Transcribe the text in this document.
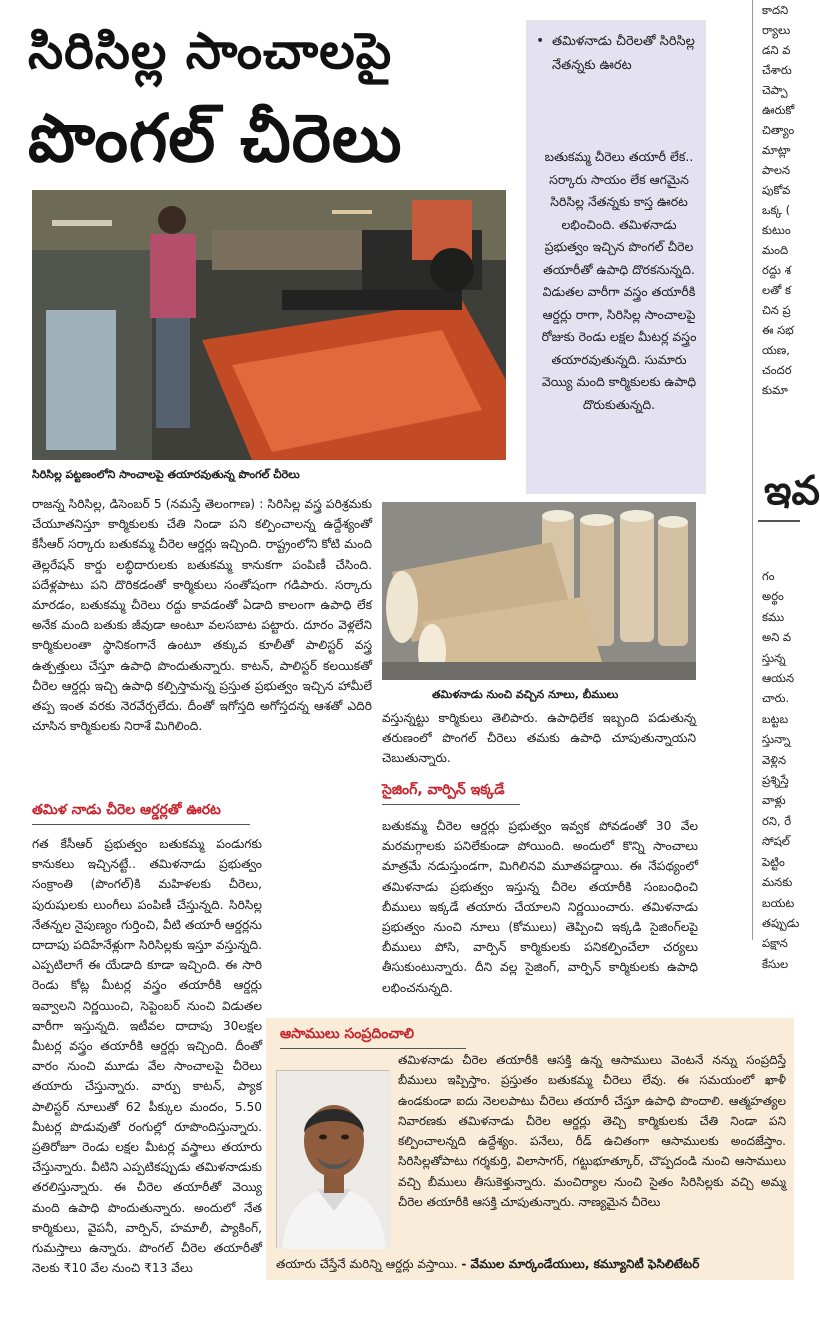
సిరిసిల్ల సాంచాలపై
పొంగల్ చీరెలు
• తమిళనాడు చీరెలతో సిరిసిల్ల నేతన్నకు ఊరట
బతుకమ్మ చీరెలు తయారీ లేక.. సర్కారు సాయం లేక ఆగమైన సిరిసిల్ల నేతన్నకు కాస్త ఊరట లభించింది. తమిళనాడు ప్రభుత్వం ఇచ్చిన పొంగల్ చీరెల తయారీతో ఉపాధి దొరకనున్నది. విడుతల వారీగా వస్త్రం తయారీకి ఆర్డర్లు రాగా, సిరిసిల్ల సాంచాలపై రోజుకు రెండు లక్షల మీటర్ల వస్త్రం తయారవుతున్నది. సుమారు వెయ్యి మంది కార్మికులకు ఉపాధి దొరుకుతున్నది.
సిరిసిల్ల పట్టణంలోని సాంచాలపై తయారవుతున్న పొంగల్ చీరెలు
తమిళనాడు నుంచి వచ్చిన నూలు, బీములు
రాజన్న సిరిసిల్ల, డిసెంబర్ 5 (నమస్తే తెలంగాణ) : సిరిసిల్ల వస్త్ర పరిశ్రమకు చేయూతనిస్తూ కార్మికులకు చేతి నిండా పని కల్పించాలన్న ఉద్దేశ్యంతో కేసీఆర్ సర్కారు బతుకమ్మ చీరెల ఆర్డర్లు ఇచ్చింది. రాష్ట్రంలోని కోటి మంది తెల్లరేషన్ కార్డు లబ్ధిదారులకు బతుకమ్మ కానుకగా పంపిణీ చేసింది. పదేళ్లపాటు పని దొరికడంతో కార్మికులు సంతోషంగా గడిపారు. సర్కారు మారడం, బతుకమ్మ చీరెలు రద్దు కావడంతో ఏడాది కాలంగా ఉపాధి లేక అనేక మంది బతుకు జీవుడా అంటూ వలసబాట పట్టారు. దూరం వెళ్లలేని కార్మికులంతా స్థానికంగానే ఉంటూ తక్కువ కూలీతో పాలిస్టర్ వస్త్ర ఉత్పత్తులు చేస్తూ ఉపాధి పొందుతున్నారు. కాటన్, పాలిస్టర్ కలయికతో చీరెల ఆర్డర్లు ఇచ్చి ఉపాధి కల్పిస్తామన్న ప్రస్తుత ప్రభుత్వం ఇచ్చిన హామీలే తప్ప ఇంత వరకు నెరవేర్చలేదు. దీంతో ఇగోస్తది అగోస్తదన్న ఆశతో ఎదిరి చూసిన కార్మికులకు నిరాశే మిగిలింది.
తమిళ నాడు చీరెల ఆర్డర్లతో ఊరట
గత కేసీఆర్ ప్రభుత్వం బతుకమ్మ పండుగకు కానుకలు ఇచ్చినట్టే.. తమిళనాడు ప్రభుత్వం సంక్రాంతి (పొంగల్)కి మహిళలకు చీరెలు, పురుషులకు లుంగీలు పంపిణీ చేస్తున్నది. సిరిసిల్ల నేతన్నల నైపుణ్యం గుర్తించి, వీటి తయారీ ఆర్డర్లను దాదాపు పదిహేనేళ్లుగా సిరిసిల్లకు ఇస్తూ వస్తున్నది. ఎప్పటిలాగే ఈ యేడాది కూడా ఇచ్చింది. ఈ సారి రెండు కోట్ల మీటర్ల వస్త్రం తయారీకి ఆర్డర్లు ఇవ్వాలని నిర్ణయించి, సెప్టెంబర్ నుంచి విడుతల వారీగా ఇస్తున్నది. ఇటీవల దాదాపు 30లక్షల మీటర్ల వస్త్రం తయారీకి ఆర్డర్లు ఇచ్చింది. దీంతో వారం నుంచి మూడు వేల సాంచాలపై చీరెలు తయారు చేస్తున్నారు. వార్పు కాటన్, ప్యాక పాలిస్టర్ నూలుతో 62 పీక్కుల మందం, 5.50 మీటర్ల పొడువుతో రంగుల్లో రూపొందిస్తున్నారు. ప్రతిరోజూ రెండు లక్షల మీటర్ల వస్త్రాలు తయారు చేస్తున్నారు. వీటిని ఎప్పటికప్పుడు తమిళనాడుకు తరలిస్తున్నారు. ఈ చీరెల తయారీతో వెయ్యి మంది ఉపాధి పొందుతున్నారు. అందులో నేత కార్మికులు, వైపనీ, వార్పిన్, హమాలీ, ప్యాకింగ్, గుమస్తాలు ఉన్నారు. పొంగల్ చీరెల తయారీతో నెలకు ₹10 వేల నుంచి ₹13 వేలు
వస్తున్నట్టు కార్మికులు తెలిపారు. ఉపాధిలేక ఇబ్బంది పడుతున్న తరుణంలో పొంగల్ చీరెలు తమకు ఉపాధి చూపుతున్నాయని చెబుతున్నారు.
సైజింగ్, వార్పిన్ ఇక్కడే
బతుకమ్మ చీరెల ఆర్డర్లు ప్రభుత్వం ఇవ్వక పోవడంతో 30 వేల మరమగ్గాలకు పనిలేకుండా పోయింది. అందులో కొన్ని సాంచాలు మాత్రమే నడుస్తుండగా, మిగిలినవి మూతపడ్డాయి. ఈ నేపథ్యంలో తమిళనాడు ప్రభుత్వం ఇస్తున్న చీరెల తయారీకి సంబంధించి బీములు ఇక్కడే తయారు చేయాలని నిర్ణయించారు. తమిళనాడు ప్రభుత్వం నుంచి నూలు (కోములు) తెప్పించి ఇక్కడి సైజింగ్‌లపై బీములు పోసి, వార్పిన్ కార్మికులకు పనికల్పించేలా చర్యలు తీసుకుంటున్నారు. దీని వల్ల సైజింగ్, వార్పిన్ కార్మికులకు ఉపాధి లభించనున్నది.
ఆసాములు సంప్రదించాలి
తమిళనాడు చీరెల తయారీకి ఆసక్తి ఉన్న ఆసాములు వెంటనే నన్ను సంప్రదిస్తే బీములు ఇప్పిస్తాం. ప్రస్తుతం బతుకమ్మ చీరెలు లేవు. ఈ సమయంలో ఖాళీ ఉండకుండా ఐదు నెలలపాటు చీరెలు తయారీ చేస్తూ ఉపాధి పొందాలి. ఆత్మహత్యల నివారణకు తమిళనాడు చీరెల ఆర్డర్లు తెచ్చి కార్మికులకు చేతి నిండా పని కల్పించాలన్నది ఉద్దేశ్యం. పనేలు, రీడ్ ఉచితంగా ఆసాములకు అందజేస్తాం. సిరిసిల్లతోపాటు గర్శకుర్తి, విలాసాగర్, గట్టుభూత్కూర్, చొప్పదండి నుంచి ఆసాములు వచ్చి బీములు తీసుకెళ్తున్నారు. మంచిర్యాల నుంచి సైతం సిరిసిల్లకు వచ్చి అమ్మ చీరెల తయారీకి ఆసక్తి చూపుతున్నారు. నాణ్యమైన చీరెలు
తయారు చేస్తేనే మరిన్ని ఆర్డర్లు వస్తాయి. - వేముల మార్కండేయులు, కమ్యూనిటీ ఫెసిలిటేటర్
కాదని
ర్యాలు
డని వ
చేశారు
చెప్పా
ఊరుకో
చిత్యాం
మాట్లా
పాలన
పుకోవ
ఒక్క (
కుటుం
మంది
రద్దు శ
లతో క
చిన ప్ర
ఈ సభ
యణ,
చందర
కుమా
ఇవ
గం
అర్థం
కము
అని వ
స్తున్న
ఆయన
చారు.
బట్టబ
స్తున్నా
వెళ్లిన
ప్రశ్నిస్తే
వాళ్లు
రని, రే
సోషల్
పెట్టిం
మనకు
బయట
తప్పుడు
పక్షాన
కేసుల
